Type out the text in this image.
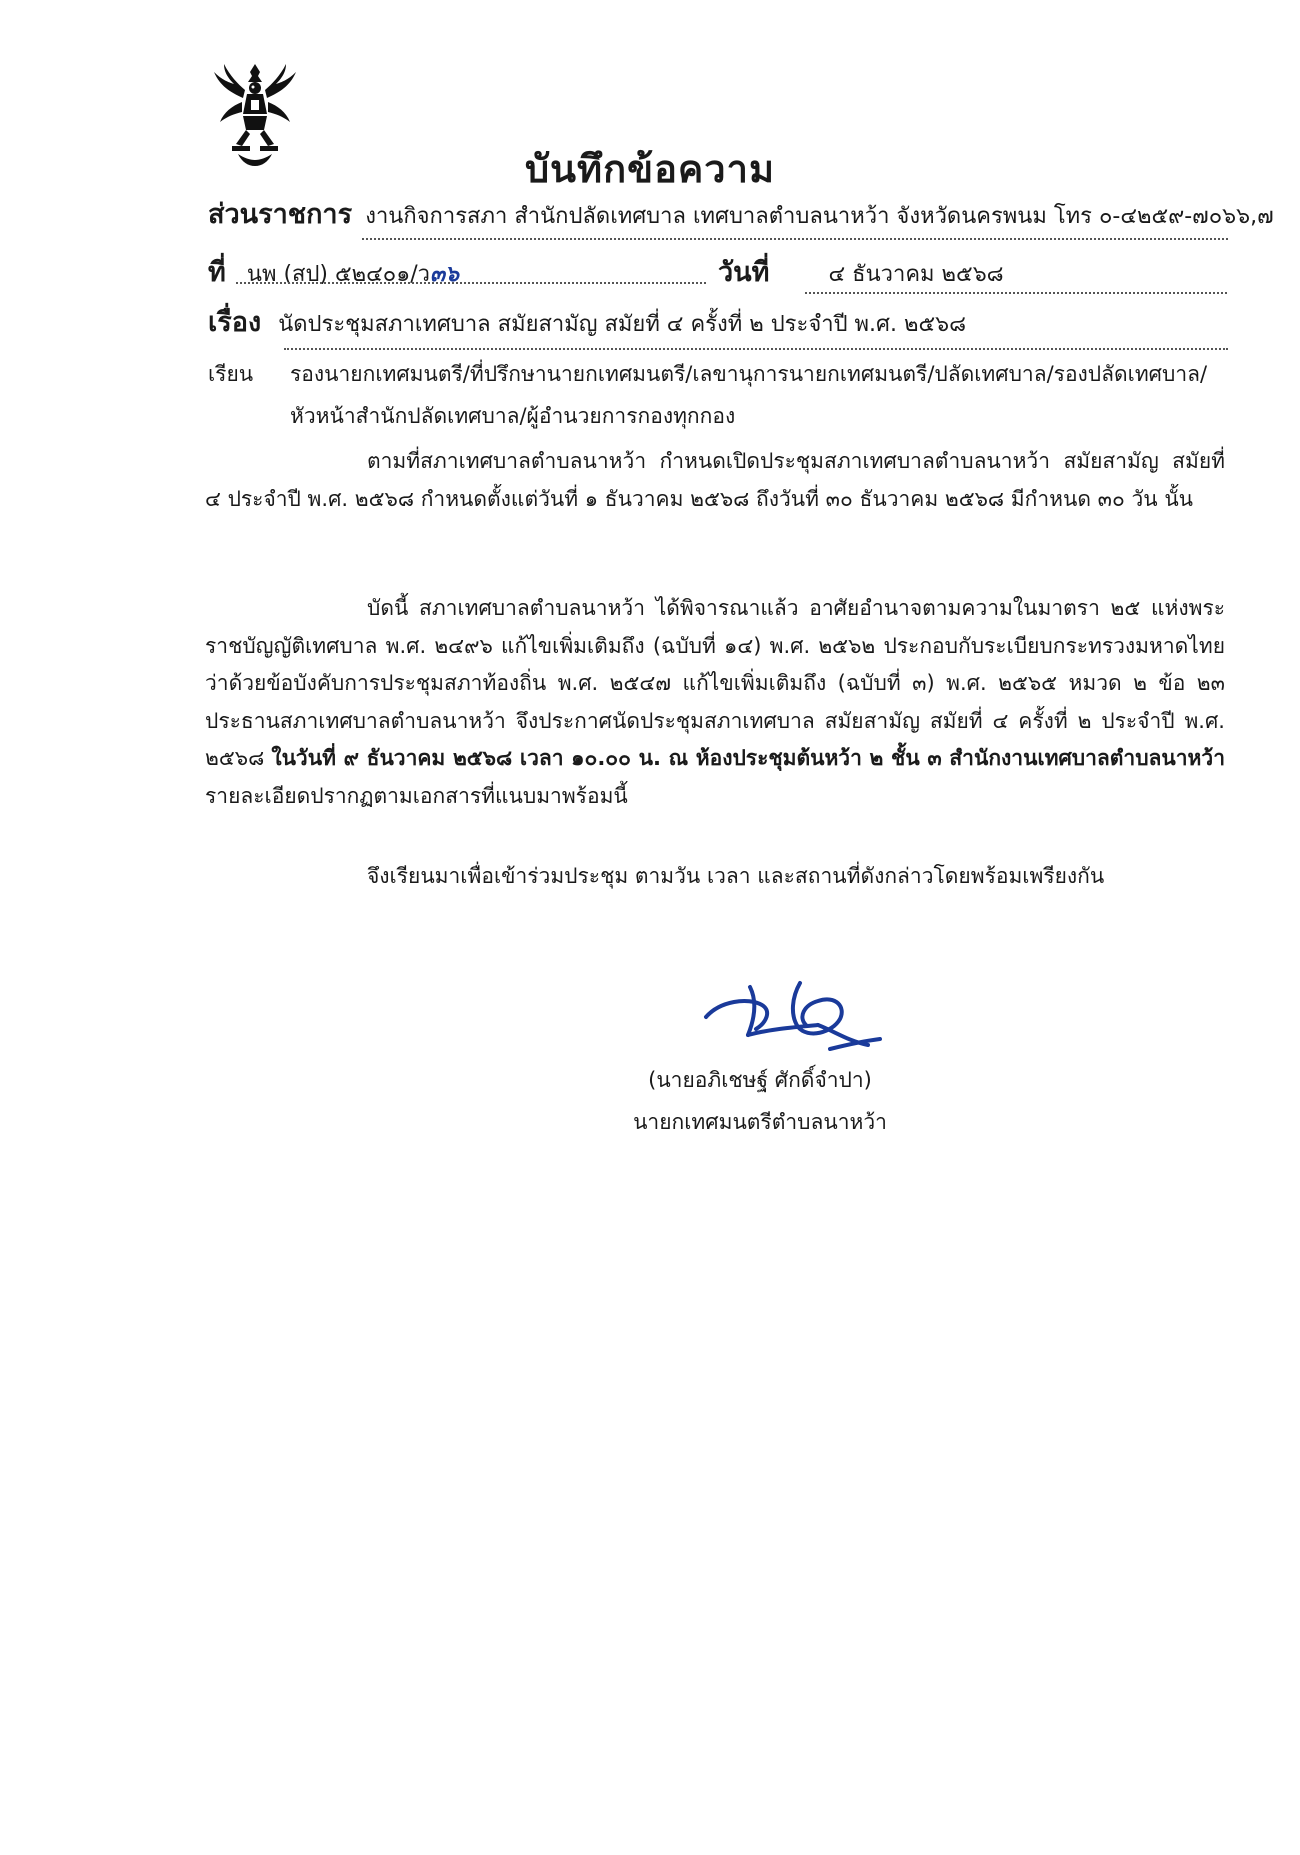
บันทึกข้อความ
ส่วนราชการ งานกิจการสภา สำนักปลัดเทศบาล เทศบาลตำบลนาหว้า จังหวัดนครพนม โทร ๐-๔๒๕๙-๗๐๖๖,๗
ที่ นพ (สป) ๕๒๔๐๑/ว๓๖	วันที่	๔ ธันวาคม ๒๕๖๘
เรื่อง นัดประชุมสภาเทศบาล สมัยสามัญ สมัยที่ ๔ ครั้งที่ ๒ ประจำปี พ.ศ. ๒๕๖๘
เรียน รองนายกเทศมนตรี/ที่ปรึกษานายกเทศมนตรี/เลขานุการนายกเทศมนตรี/ปลัดเทศบาล/รองปลัดเทศบาล/
หัวหน้าสำนักปลัดเทศบาล/ผู้อำนวยการกองทุกกอง

ตามที่สภาเทศบาลตำบลนาหว้า กำหนดเปิดประชุมสภาเทศบาลตำบลนาหว้า สมัยสามัญ สมัยที่ ๔ ประจำปี พ.ศ. ๒๕๖๘ กำหนดตั้งแต่วันที่ ๑ ธันวาคม ๒๕๖๘ ถึงวันที่ ๓๐ ธันวาคม ๒๕๖๘ มีกำหนด ๓๐ วัน นั้น

บัดนี้ สภาเทศบาลตำบลนาหว้า ได้พิจารณาแล้ว อาศัยอำนาจตามความในมาตรา ๒๕ แห่งพระราชบัญญัติเทศบาล พ.ศ. ๒๔๙๖ แก้ไขเพิ่มเติมถึง (ฉบับที่ ๑๔) พ.ศ. ๒๕๖๒ ประกอบกับระเบียบกระทรวงมหาดไทยว่าด้วยข้อบังคับการประชุมสภาท้องถิ่น พ.ศ. ๒๕๔๗ แก้ไขเพิ่มเติมถึง (ฉบับที่ ๓) พ.ศ. ๒๕๖๕ หมวด ๒ ข้อ ๒๓ ประธานสภาเทศบาลตำบลนาหว้า จึงประกาศนัดประชุมสภาเทศบาล สมัยสามัญ สมัยที่ ๔ ครั้งที่ ๒ ประจำปี พ.ศ. ๒๕๖๘ ในวันที่ ๙ ธันวาคม ๒๕๖๘ เวลา ๑๐.๐๐ น. ณ ห้องประชุมต้นหว้า ๒ ชั้น ๓ สำนักงานเทศบาลตำบลนาหว้า รายละเอียดปรากฏตามเอกสารที่แนบมาพร้อมนี้

จึงเรียนมาเพื่อเข้าร่วมประชุม ตามวัน เวลา และสถานที่ดังกล่าวโดยพร้อมเพรียงกัน
(นายอภิเชษฐ์ ศักดิ์จำปา)
นายกเทศมนตรีตำบลนาหว้า
